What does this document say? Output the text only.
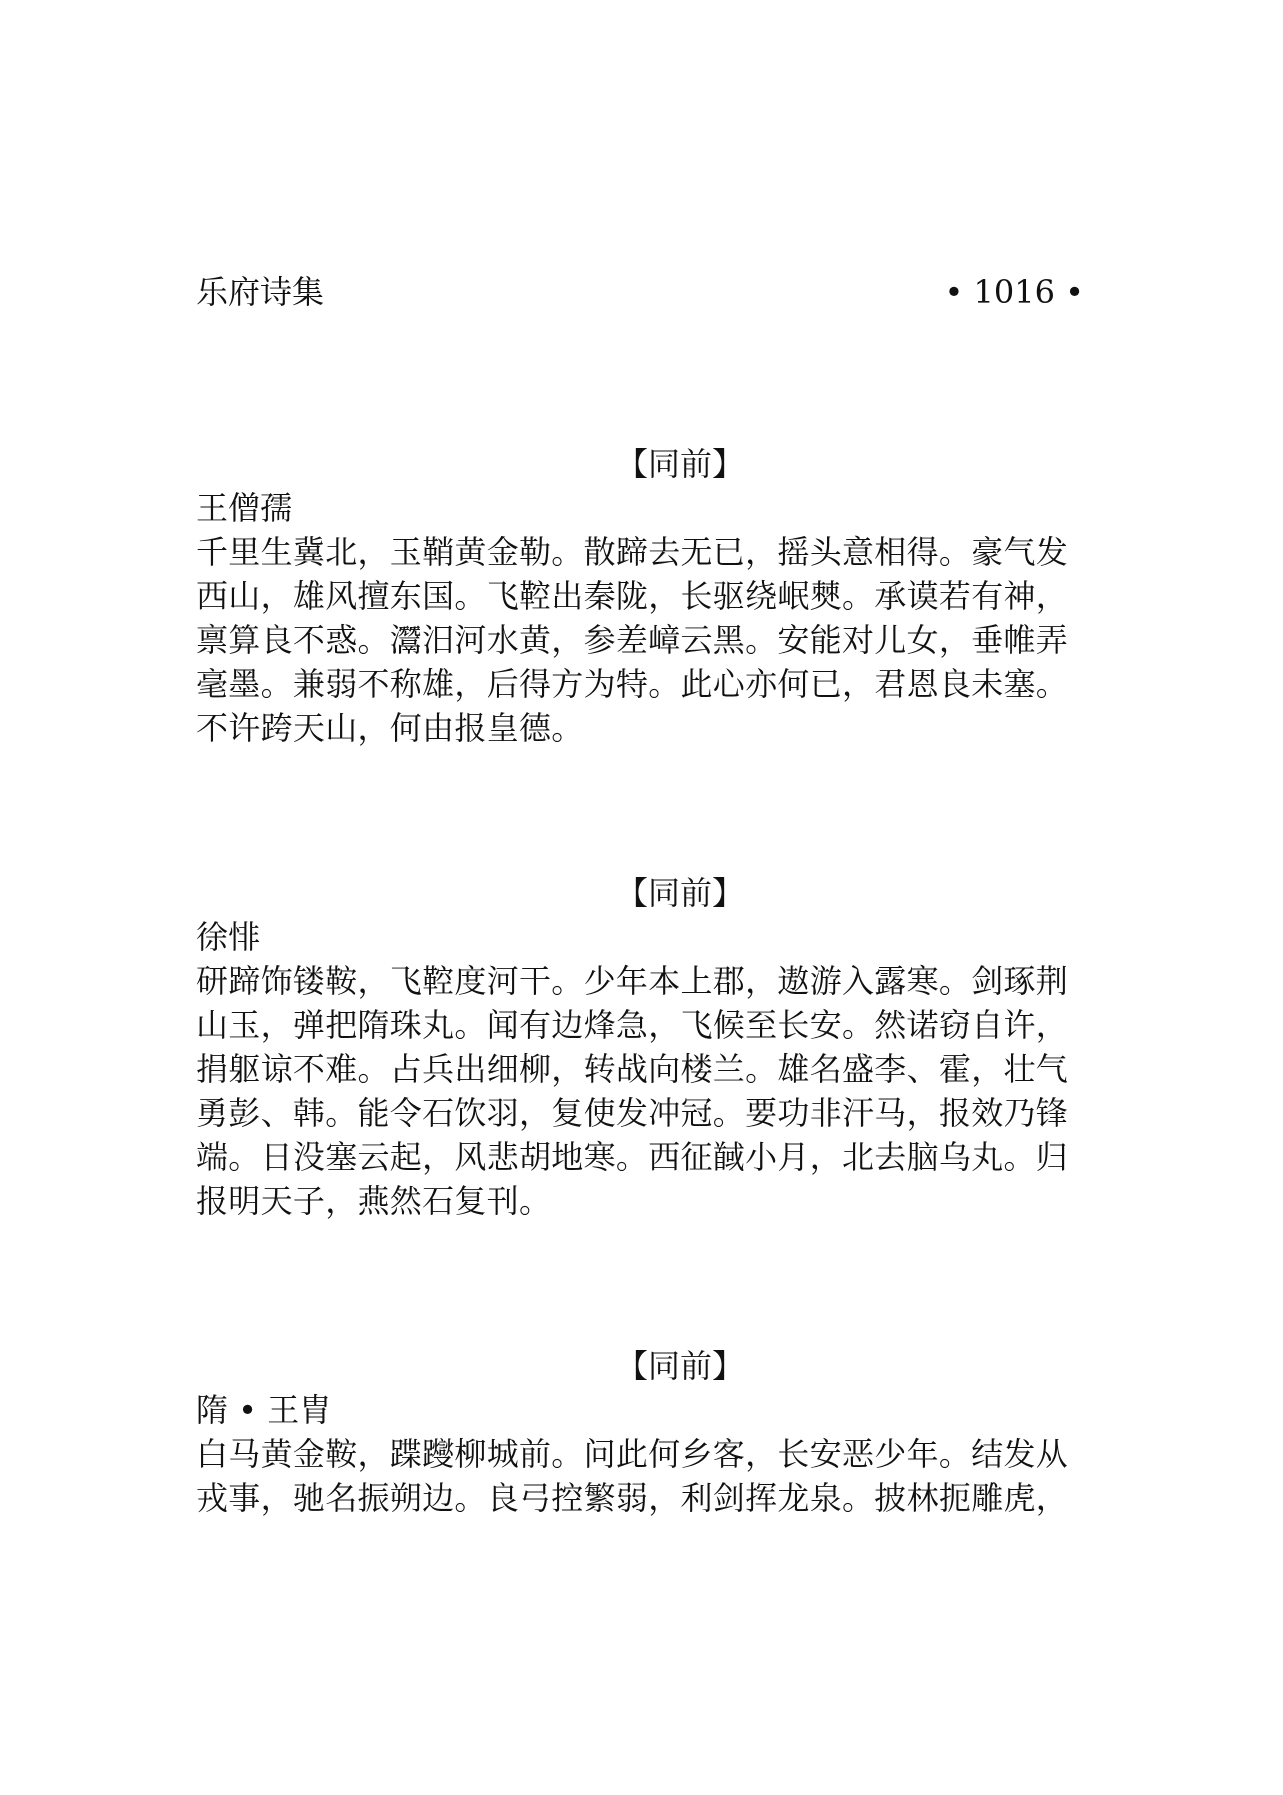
乐府诗集	• 1016 •
【同前】
王僧孺
千里生冀北，玉鞘黄金勒。散蹄去无已，摇头意相得。豪气发
西山，雄风擅东国。飞鞚出秦陇，长驱绕岷僰。承谟若有神，
禀算良不惑。灊汨河水黄，参差嶂云黑。安能对儿女，垂帷弄
毫墨。兼弱不称雄，后得方为特。此心亦何已，君恩良未塞。
不许跨天山，何由报皇德。
【同前】
徐悱
研蹄饰镂鞍，飞鞚度河干。少年本上郡，遨游入露寒。剑琢荆
山玉，弹把隋珠丸。闻有边烽急，飞候至长安。然诺窃自许，
捐躯谅不难。占兵出细柳，转战向楼兰。雄名盛李、霍，壮气
勇彭、韩。能令石饮羽，复使发冲冠。要功非汗马，报效乃锋
端。日没塞云起，风悲胡地寒。西征馘小月，北去脑乌丸。归
报明天子，燕然石复刊。
【同前】
隋 • 王胄
白马黄金鞍，蹀躞柳城前。问此何乡客，长安恶少年。结发从
戎事，驰名振朔边。良弓控繁弱，利剑挥龙泉。披林扼雕虎，
